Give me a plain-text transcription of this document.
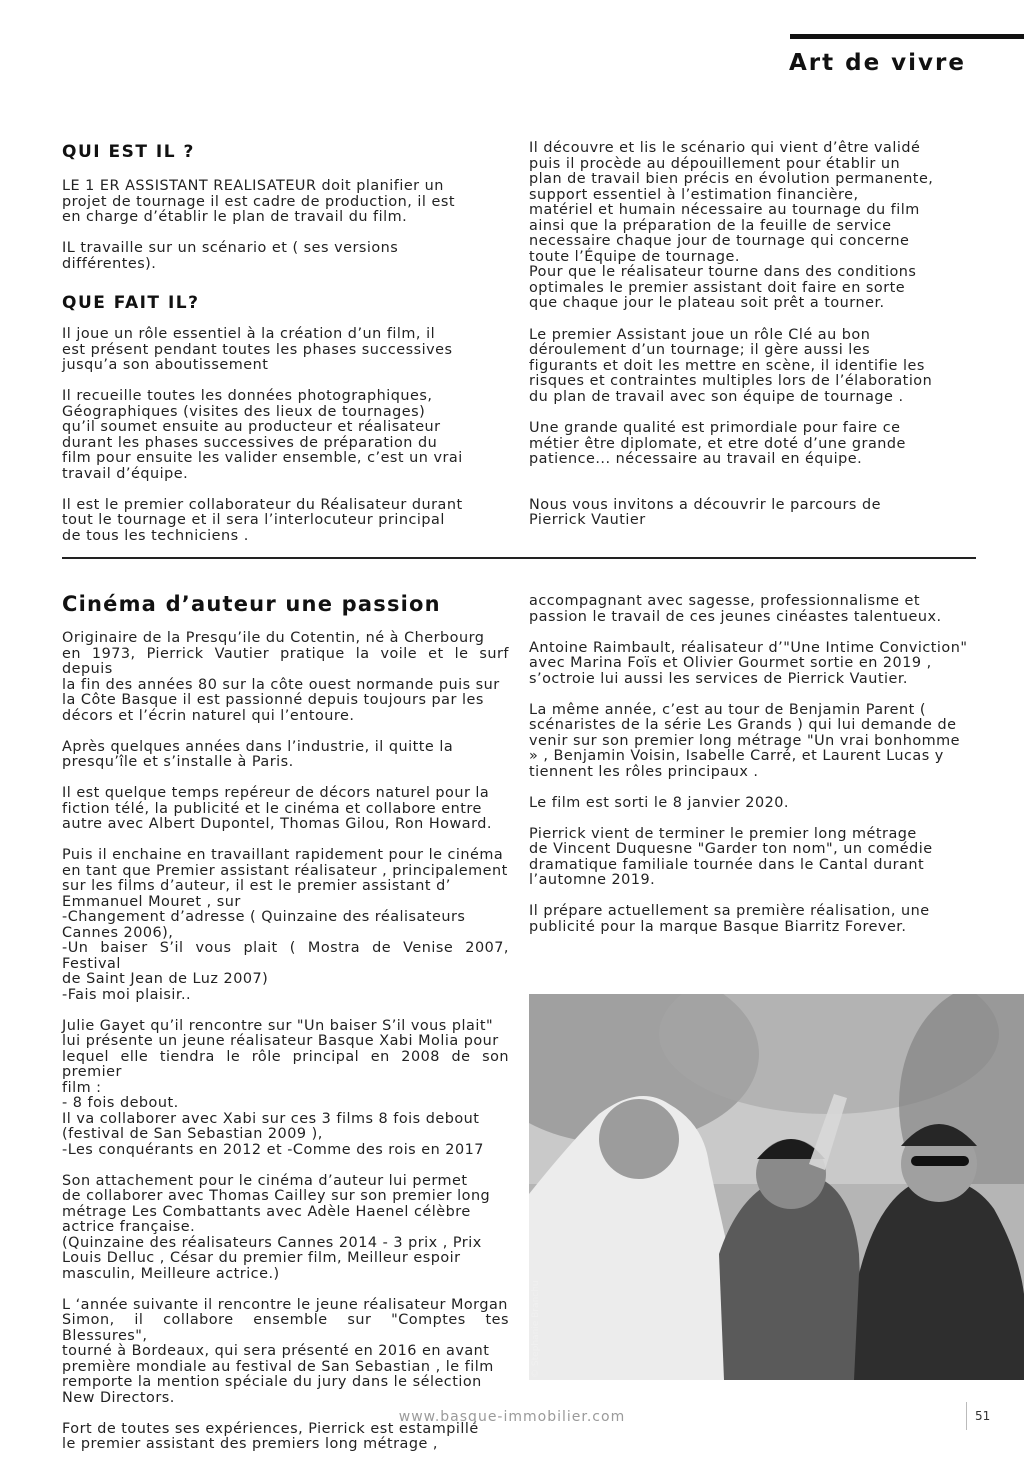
Art de vivre
QUI EST IL ?

LE 1 ER ASSISTANT REALISATEUR doit planifier un
projet de tournage il est cadre de production, il est
en charge d’établir le plan de travail du film.

IL travaille sur un scénario et ( ses versions
différentes).

QUE FAIT IL?

Il joue un rôle essentiel à la création d’un film, il
est présent pendant toutes les phases successives
jusqu’a son aboutissement

Il recueille toutes les données photographiques,
Géographiques (visites des lieux de tournages)
qu’il soumet ensuite au producteur et réalisateur
durant les phases successives de préparation du
film pour ensuite les valider ensemble, c’est un vrai
travail d’équipe.

Il est le premier collaborateur du Réalisateur durant
tout le tournage et il sera l’interlocuteur principal
de tous les techniciens .

Il découvre et lis le scénario qui vient d’être validé
puis il procède au dépouillement pour établir un
plan de travail bien précis en évolution permanente,
support essentiel à l’estimation financière,
matériel et humain nécessaire au tournage du film
ainsi que la préparation de la feuille de service
necessaire chaque jour de tournage qui concerne
toute l’Équipe de tournage.

Pour que le réalisateur tourne dans des conditions
optimales le premier assistant doit faire en sorte
que chaque jour le plateau soit prêt a tourner.

Le premier Assistant joue un rôle Clé au bon
déroulement d’un tournage; il gère aussi les
figurants et doit les mettre en scène, il identifie les
risques et contraintes multiples lors de l’élaboration
du plan de travail avec son équipe de tournage .

Une grande qualité est primordiale pour faire ce
métier être diplomate, et etre doté d’une grande
patience... nécessaire au travail en équipe.

Nous vous invitons a découvrir le parcours de
Pierrick Vautier

Cinéma d’auteur une passion

Originaire de la Presqu’ile du Cotentin, né à Cherbourg
en 1973, Pierrick Vautier pratique la voile et le surf depuis
la fin des années 80 sur la côte ouest normande puis sur
la Côte Basque il est passionné depuis toujours par les
décors et l’écrin naturel qui l’entoure.

Après quelques années dans l’industrie, il quitte la
presqu’île et s’installe à Paris.

Il est quelque temps repéreur de décors naturel pour la
fiction télé, la publicité et le cinéma et collabore entre
autre avec Albert Dupontel, Thomas Gilou, Ron Howard.

Puis il enchaine en travaillant rapidement pour le cinéma
en tant que Premier assistant réalisateur , principalement
sur les films d’auteur, il est le premier assistant d’
Emmanuel Mouret , sur
-Changement d’adresse ( Quinzaine des réalisateurs
Cannes 2006),
-Un baiser S’il vous plait ( Mostra de Venise 2007, Festival
de Saint Jean de Luz 2007)
-Fais moi plaisir..

Julie Gayet qu’il rencontre sur "Un baiser S’il vous plait"
lui présente un jeune réalisateur Basque Xabi Molia pour
lequel elle tiendra le rôle principal en 2008 de son premier
film :
- 8 fois debout.
Il va collaborer avec Xabi sur ces 3 films 8 fois debout
(festival de San Sebastian 2009 ),
-Les conquérants en 2012 et -Comme des rois en 2017

Son attachement pour le cinéma d’auteur lui permet
de collaborer avec Thomas Cailley sur son premier long
métrage Les Combattants avec Adèle Haenel célèbre
actrice française.
(Quinzaine des réalisateurs Cannes 2014 - 3 prix , Prix
Louis Delluc , César du premier film, Meilleur espoir
masculin, Meilleure actrice.)

L ‘année suivante il rencontre le jeune réalisateur Morgan
Simon, il collabore ensemble sur "Comptes tes Blessures",
tourné à Bordeaux, qui sera présenté en 2016 en avant
première mondiale au festival de San Sebastian , le film
remporte la mention spéciale du jury dans le sélection
New Directors.

Fort de toutes ses expériences, Pierrick est estampillé
le premier assistant des premiers long métrage ,

accompagnant avec sagesse, professionnalisme et
passion le travail de ces jeunes cinéastes talentueux.

Antoine Raimbault, réalisateur d’"Une Intime Conviction"
avec Marina Foïs et Olivier Gourmet sortie en 2019 ,
s’octroie lui aussi les services de Pierrick Vautier.

La même année, c’est au tour de Benjamin Parent (
scénaristes de la série Les Grands ) qui lui demande de
venir sur son premier long métrage "Un vrai bonhomme
» , Benjamin Voisin, Isabelle Carré, et Laurent Lucas y
tiennent les rôles principaux .

Le film est sorti le 8 janvier 2020.

Pierrick vient de terminer le premier long métrage
de Vincent Duquesne "Garder ton nom", un comédie
dramatique familiale tournée dans le Cantal durant
l’automne 2019.

Il prépare actuellement sa première réalisation, une
publicité pour la marque Basque Biarritz Forever.

© Stephanie Branchu
www.basque-immobilier.com	51
